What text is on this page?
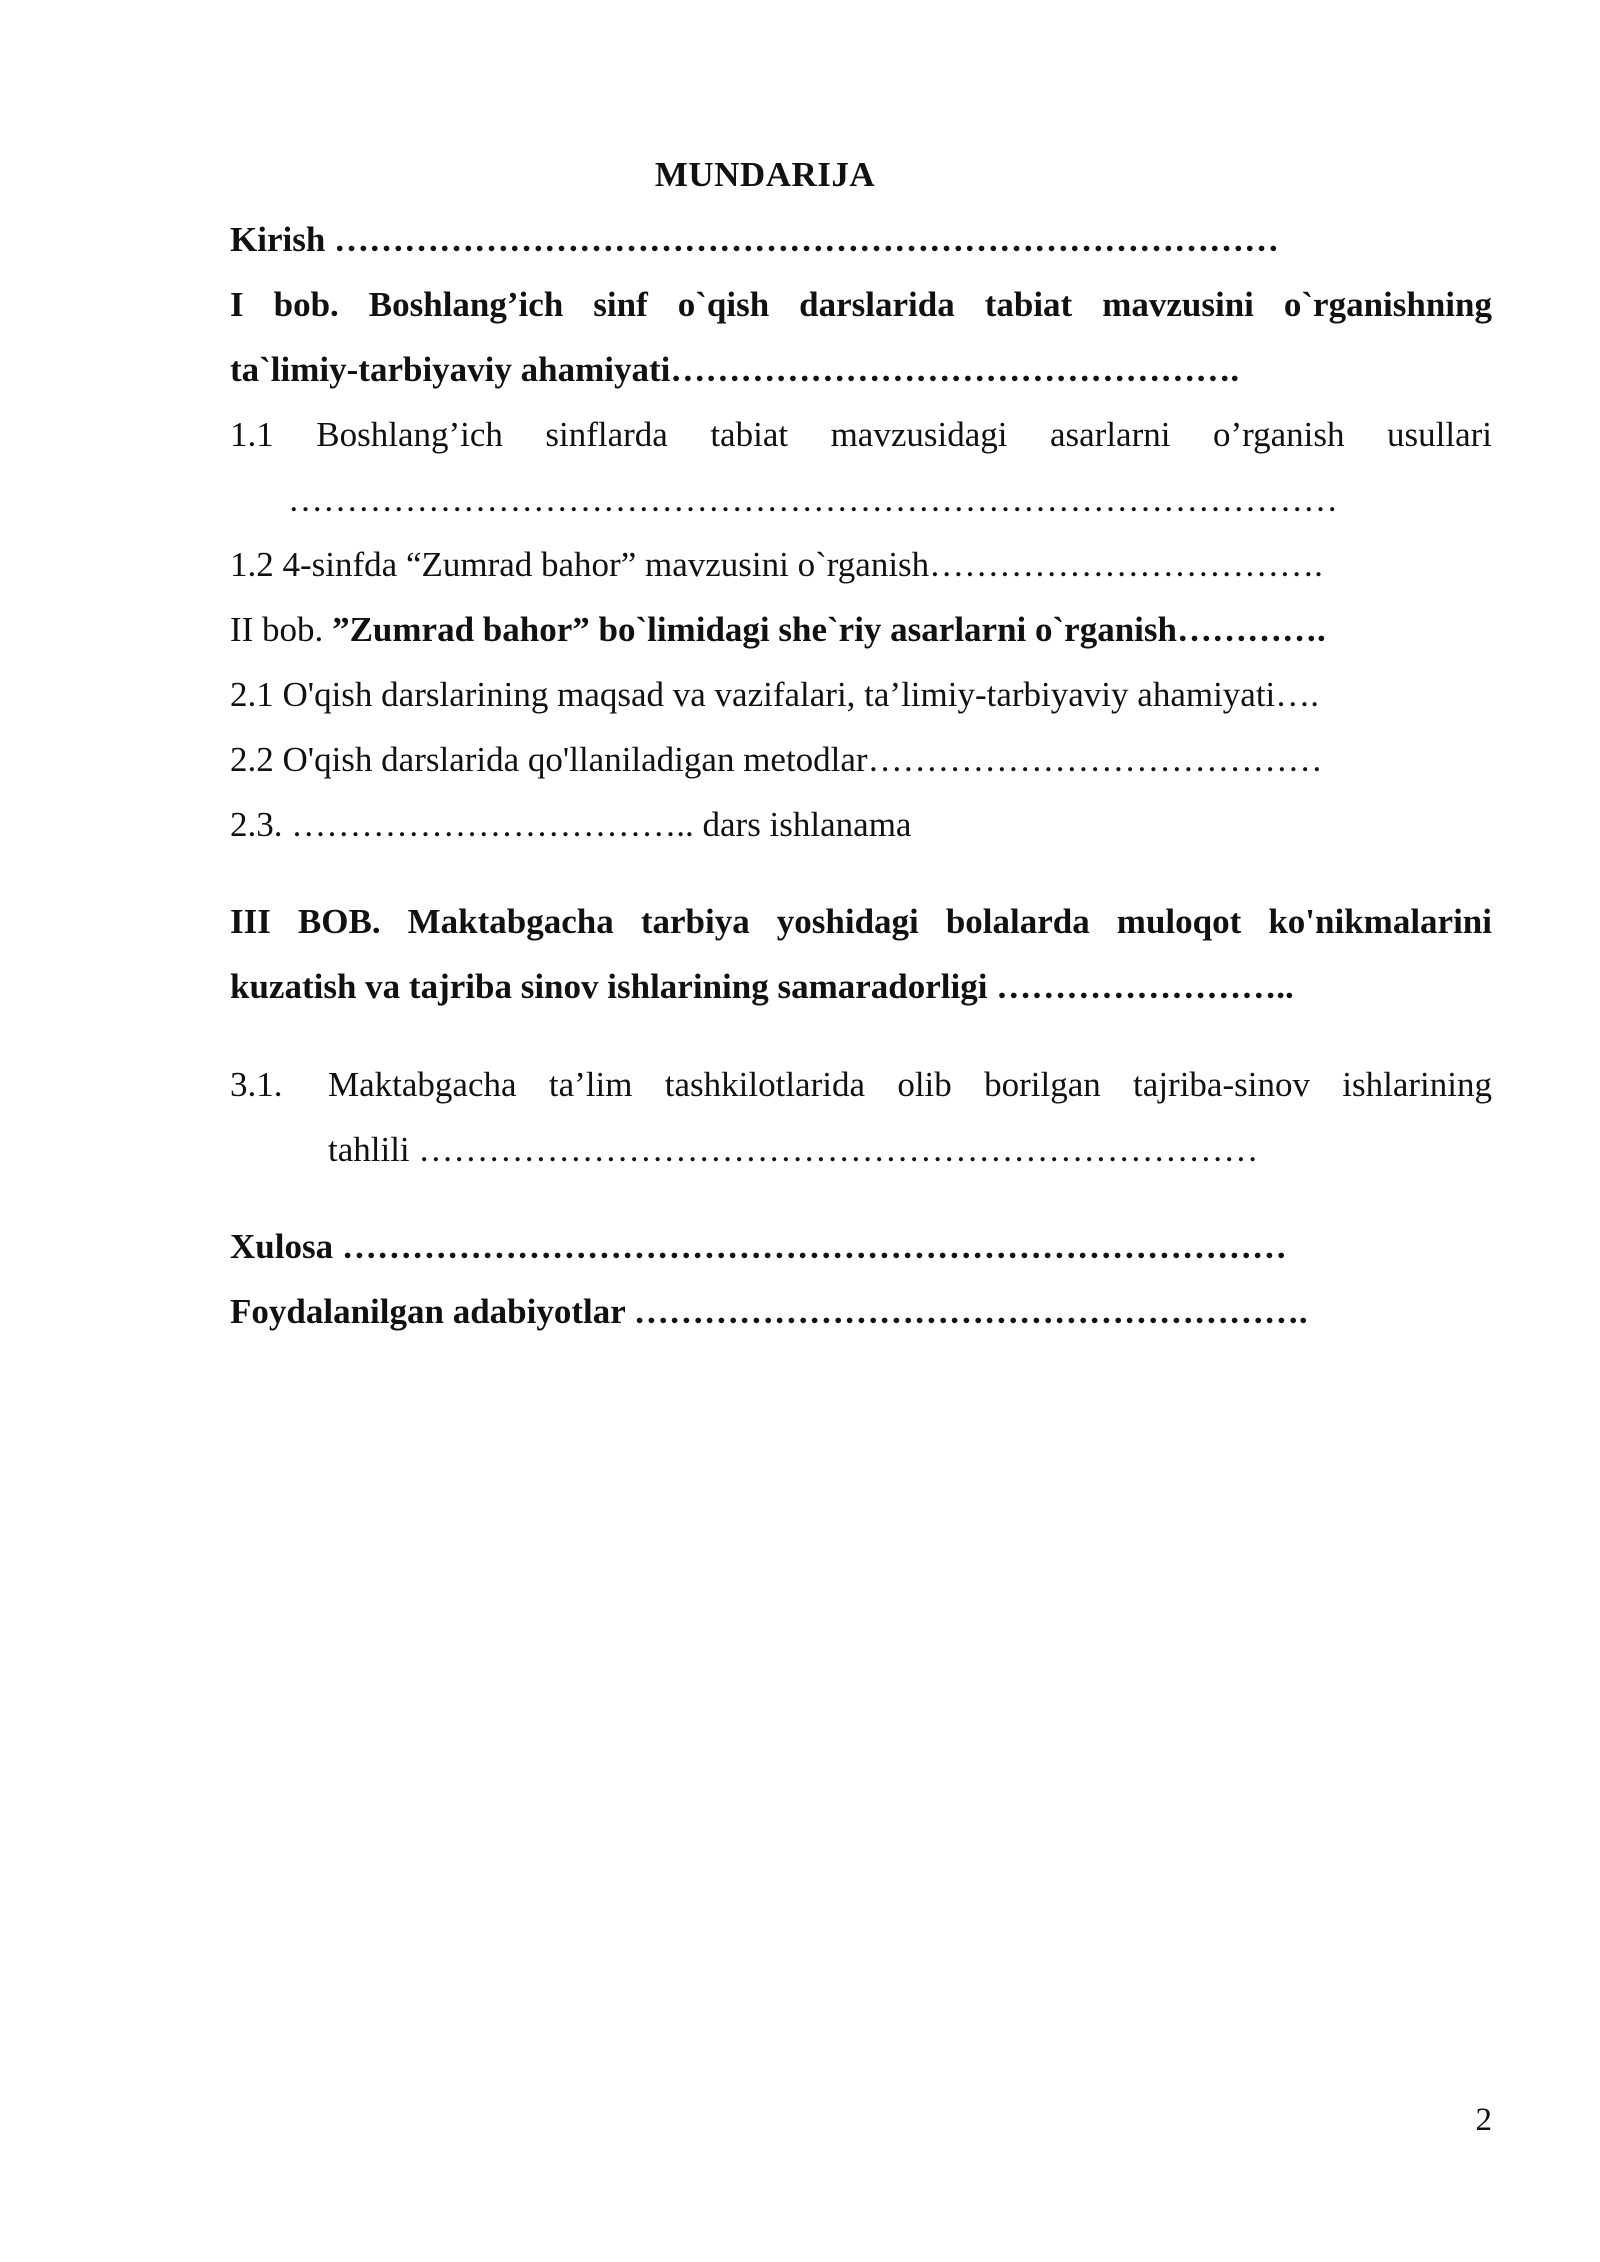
MUNDARIJA
Kirish ………………………………………………………………………
I bob. Boshlang’ich sinf o`qish darslarida tabiat mavzusini o`rganishning
ta`limiy-tarbiyaviy ahamiyati………………………………………….
1.1 Boshlang’ich sinflarda tabiat mavzusidagi asarlarni o’rganish usullari
………………………………………………………………………………
1.2 4-sinfda “Zumrad bahor” mavzusini o`rganish…………………………….
II bob. ”Zumrad bahor” bo`limidagi she`riy asarlarni o`rganish………….
2.1 O'qish darslarining maqsad va vazifalari, ta’limiy-tarbiyaviy ahamiyati….
2.2 O'qish darslarida qo'llaniladigan metodlar…………………………………
2.3. …………………………….. dars ishlanama
III BOB. Maktabgacha tarbiya yoshidagi bolalarda muloqot ko'nikmalarini
kuzatish va tajriba sinov ishlarining samaradorligi ……………………..
3.1.	Maktabgacha ta’lim tashkilotlarida olib borilgan tajriba-sinov ishlarining
tahlili ………………………………………………………………
Xulosa ………………………………………………………………………
Foydalanilgan adabiyotlar ………………………………………………….
2
